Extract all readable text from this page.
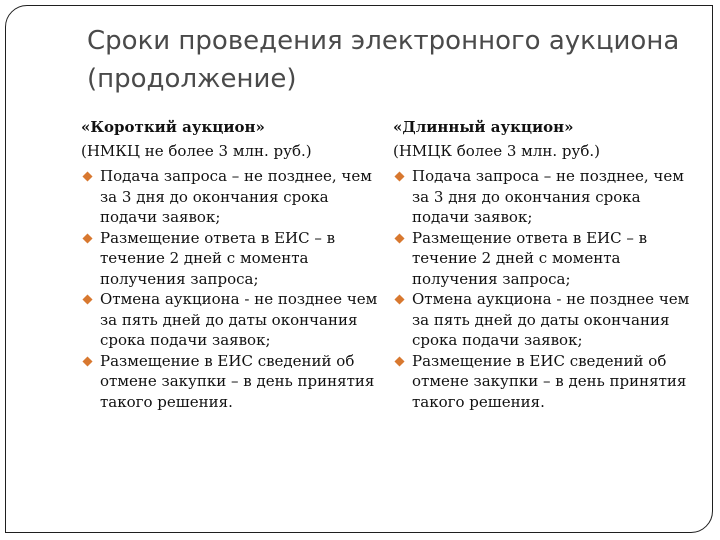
Сроки проведения электронного аукциона (продолжение)

«Короткий аукцион»

(НМКЦ не более 3 млн. руб.)

Подача запроса – не позднее, чем за 3 дня до окончания срока подачи заявок;
Размещение ответа в ЕИС – в течение 2 дней с момента получения запроса;
Отмена аукциона - не позднее чем за пять дней до даты окончания срока подачи заявок;
Размещение в ЕИС сведений об отмене закупки – в день принятия такого решения.

«Длинный аукцион»

(НМЦК более 3 млн. руб.)

Подача запроса – не позднее, чем за 3 дня до окончания срока подачи заявок;
Размещение ответа в ЕИС – в течение 2 дней с момента получения запроса;
Отмена аукциона - не позднее чем за пять дней до даты окончания срока подачи заявок;
Размещение в ЕИС сведений об отмене закупки – в день принятия такого решения.
